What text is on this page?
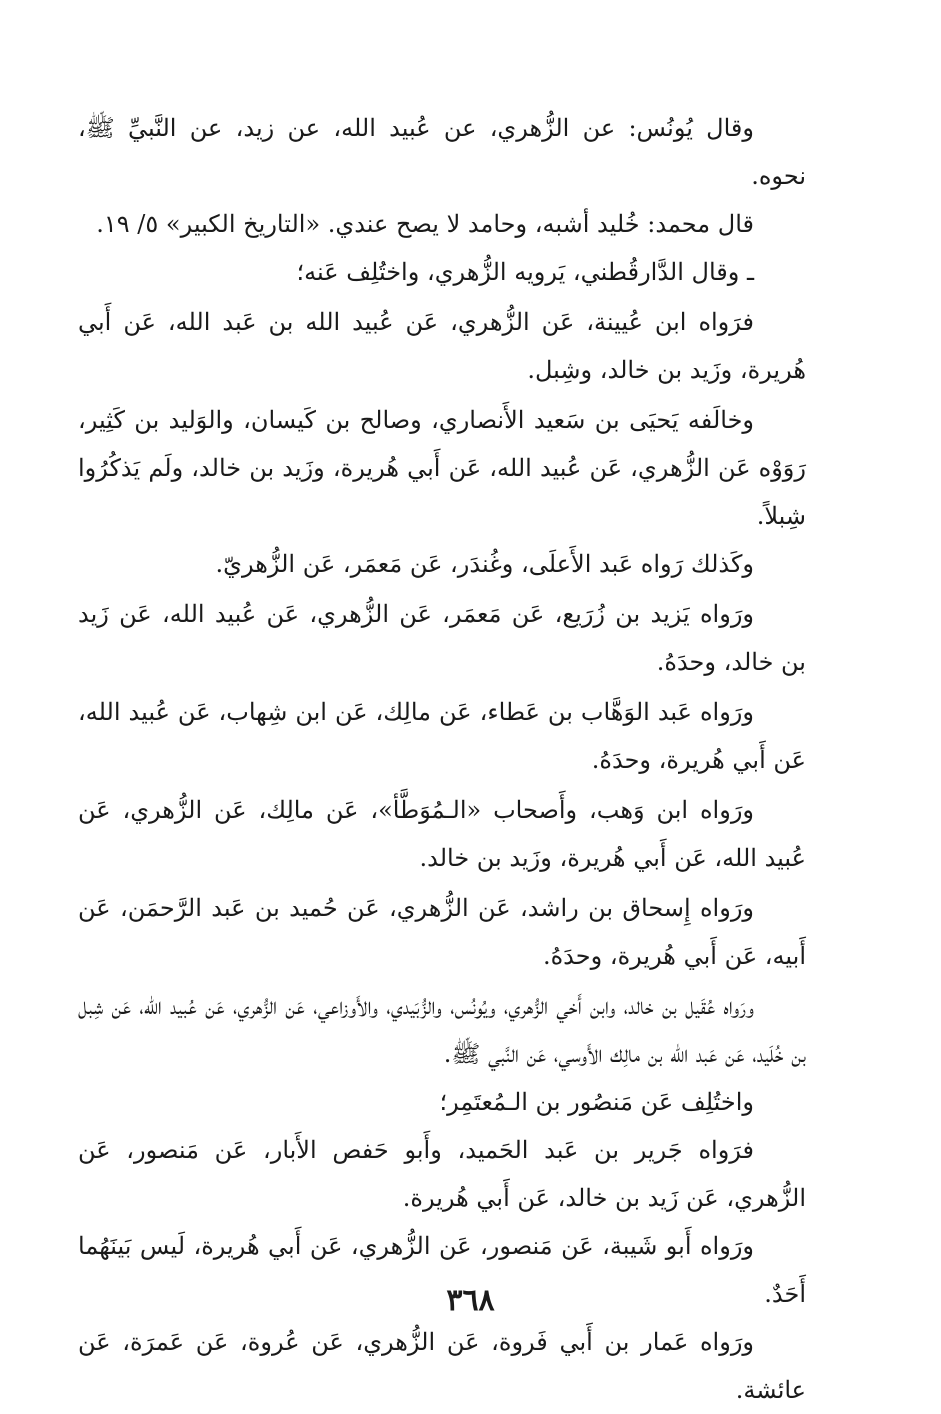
وقال يُونُس: عن الزُّهري، عن عُبيد الله، عن زيد، عن النَّبيِّ ﷺ، نحوه.

قال محمد: خُليد أشبه، وحامد لا يصح عندي. «التاريخ الكبير» ٥/ ١٩.

ـ وقال الدَّارقُطني، يَرويه الزُّهري، واختُلِف عَنه؛

فرَواه ابن عُيينة، عَن الزُّهري، عَن عُبيد الله بن عَبد الله، عَن أَبي هُريرة، وزَيد بن خالد، وشِبل.

وخالَفه يَحيَى بن سَعيد الأَنصاري، وصالح بن كَيسان، والوَليد بن كَثِير، رَوَوْه عَن الزُّهري، عَن عُبيد الله، عَن أَبي هُريرة، وزَيد بن خالد، ولَم يَذكُرُوا شِبلاً.

وكَذلك رَواه عَبد الأَعلَى، وغُندَر، عَن مَعمَر، عَن الزُّهريّ.

ورَواه يَزيد بن زُرَيع، عَن مَعمَر، عَن الزُّهري، عَن عُبيد الله، عَن زَيد بن خالد، وحدَهُ.

ورَواه عَبد الوَهَّاب بن عَطاء، عَن مالِك، عَن ابن شِهاب، عَن عُبيد الله، عَن أَبي هُريرة، وحدَهُ.

ورَواه ابن وَهب، وأَصحاب «الـمُوَطَّأ»، عَن مالِك، عَن الزُّهري، عَن عُبيد الله، عَن أَبي هُريرة، وزَيد بن خالد.

ورَواه إِسحاق بن راشد، عَن الزُّهري، عَن حُميد بن عَبد الرَّحمَن، عَن أَبيه، عَن أَبي هُريرة، وحدَهُ.

ورَواه عُقَيل بن خالد، وابن أَخي الزُّهري، ويُونُس، والزُّبَيدي، والأَوزاعي، عَن الزُّهري، عَن عُبيد الله، عَن شِبل بن خُلَيد، عَن عَبد الله بن مالِك الأَوسي، عَن النَّبي ﷺ.

واختُلِف عَن مَنصُور بن الـمُعتَمِر؛

فرَواه جَرير بن عَبد الحَميد، وأَبو حَفص الأَبار، عَن مَنصور، عَن الزُّهري، عَن زَيد بن خالد، عَن أَبي هُريرة.

ورَواه أَبو شَيبة، عَن مَنصور، عَن الزُّهري، عَن أَبي هُريرة، لَيس بَينَهُما أَحَدٌ.

ورَواه عَمار بن أَبي فَروة، عَن الزُّهري، عَن عُروة، عَن عَمرَة، عَن عائشة.

٣٦٨
